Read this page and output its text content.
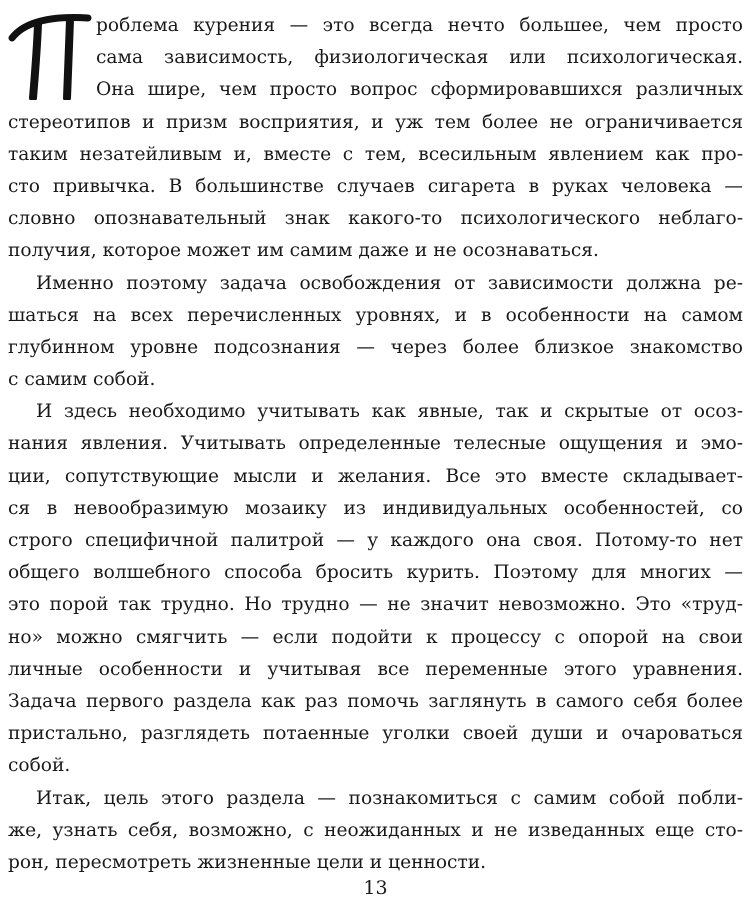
роблема курения — это всегда нечто большее, чем просто
сама зависимость, физиологическая или психологическая.
Она шире, чем просто вопрос сформировавшихся различных
стереотипов и призм восприятия, и уж тем более не ограничивается
таким незатейливым и, вместе с тем, всесильным явлением как про-
сто привычка. В большинстве случаев сигарета в руках человека —
словно опознавательный знак какого-то психологического неблаго-
получия, которое может им самим даже и не осознаваться.
Именно поэтому задача освобождения от зависимости должна ре-
шаться на всех перечисленных уровнях, и в особенности на самом
глубинном уровне подсознания — через более близкое знакомство
с самим собой.
И здесь необходимо учитывать как явные, так и скрытые от осоз-
нания явления. Учитывать определенные телесные ощущения и эмо-
ции, сопутствующие мысли и желания. Все это вместе складывает-
ся в невообразимую мозаику из индивидуальных особенностей, со
строго специфичной палитрой — у каждого она своя. Потому-то нет
общего волшебного способа бросить курить. Поэтому для многих —
это порой так трудно. Но трудно — не значит невозможно. Это «труд-
но» можно смягчить — если подойти к процессу с опорой на свои
личные особенности и учитывая все переменные этого уравнения.
Задача первого раздела как раз помочь заглянуть в самого себя более
пристально, разглядеть потаенные уголки своей души и очароваться
собой.
Итак, цель этого раздела — познакомиться с самим собой побли-
же, узнать себя, возможно, с неожиданных и не изведанных еще сто-
рон, пересмотреть жизненные цели и ценности.
13
